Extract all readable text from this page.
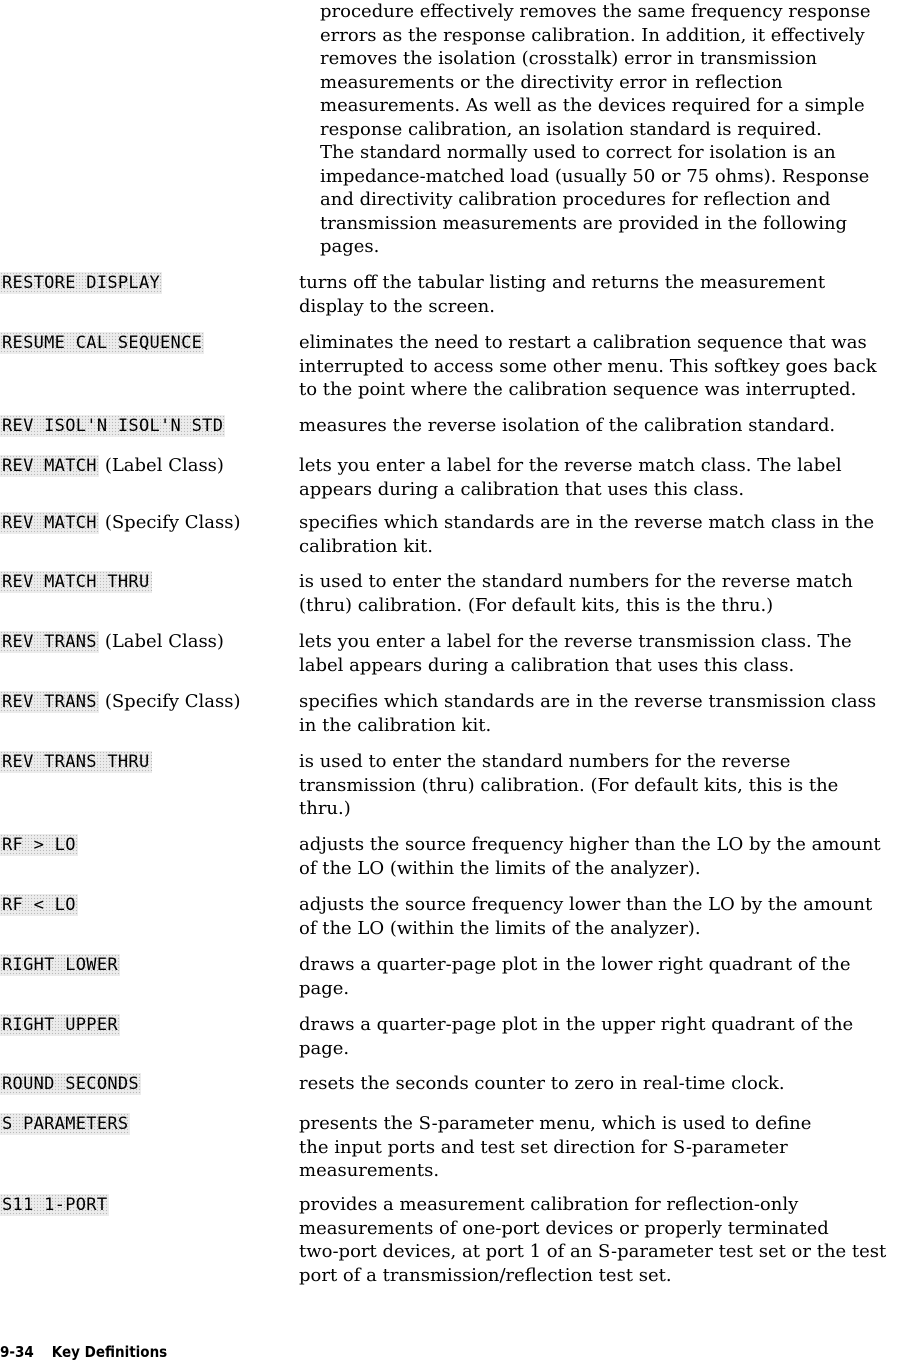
procedure effectively removes the same frequency response

errors as the response calibration. In addition, it effectively

removes the isolation (crosstalk) error in transmission

measurements or the directivity error in reflection

measurements. As well as the devices required for a simple

response calibration, an isolation standard is required.

The standard normally used to correct for isolation is an

impedance-matched load (usually 50 or 75 ohms). Response

and directivity calibration procedures for reflection and

transmission measurements are provided in the following

pages.

RESTORE DISPLAY	turns off the tabular listing and returns the measurement
display to the screen.
RESUME CAL SEQUENCE	eliminates the need to restart a calibration sequence that was
interrupted to access some other menu. This softkey goes back
to the point where the calibration sequence was interrupted.
REV ISOL'N ISOL'N STD	measures the reverse isolation of the calibration standard.
REV MATCH (Label Class)	lets you enter a label for the reverse match class. The label
appears during a calibration that uses this class.
REV MATCH (Specify Class)	specifies which standards are in the reverse match class in the
calibration kit.
REV MATCH THRU	is used to enter the standard numbers for the reverse match
(thru) calibration. (For default kits, this is the thru.)
REV TRANS (Label Class)	lets you enter a label for the reverse transmission class. The
label appears during a calibration that uses this class.
REV TRANS (Specify Class)	specifies which standards are in the reverse transmission class
in the calibration kit.
REV TRANS THRU	is used to enter the standard numbers for the reverse
transmission (thru) calibration. (For default kits, this is the
thru.)
RF > LO	adjusts the source frequency higher than the LO by the amount
of the LO (within the limits of the analyzer).
RF < LO	adjusts the source frequency lower than the LO by the amount
of the LO (within the limits of the analyzer).
RIGHT LOWER	draws a quarter-page plot in the lower right quadrant of the
page.
RIGHT UPPER	draws a quarter-page plot in the upper right quadrant of the
page.
ROUND SECONDS	resets the seconds counter to zero in real-time clock.
S PARAMETERS	presents the S-parameter menu, which is used to define
the input ports and test set direction for S-parameter
measurements.
S11 1-PORT	provides a measurement calibration for reflection-only
measurements of one-port devices or properly terminated
two-port devices, at port 1 of an S-parameter test set or the test
port of a transmission/reflection test set.
9-34 Key Definitions
